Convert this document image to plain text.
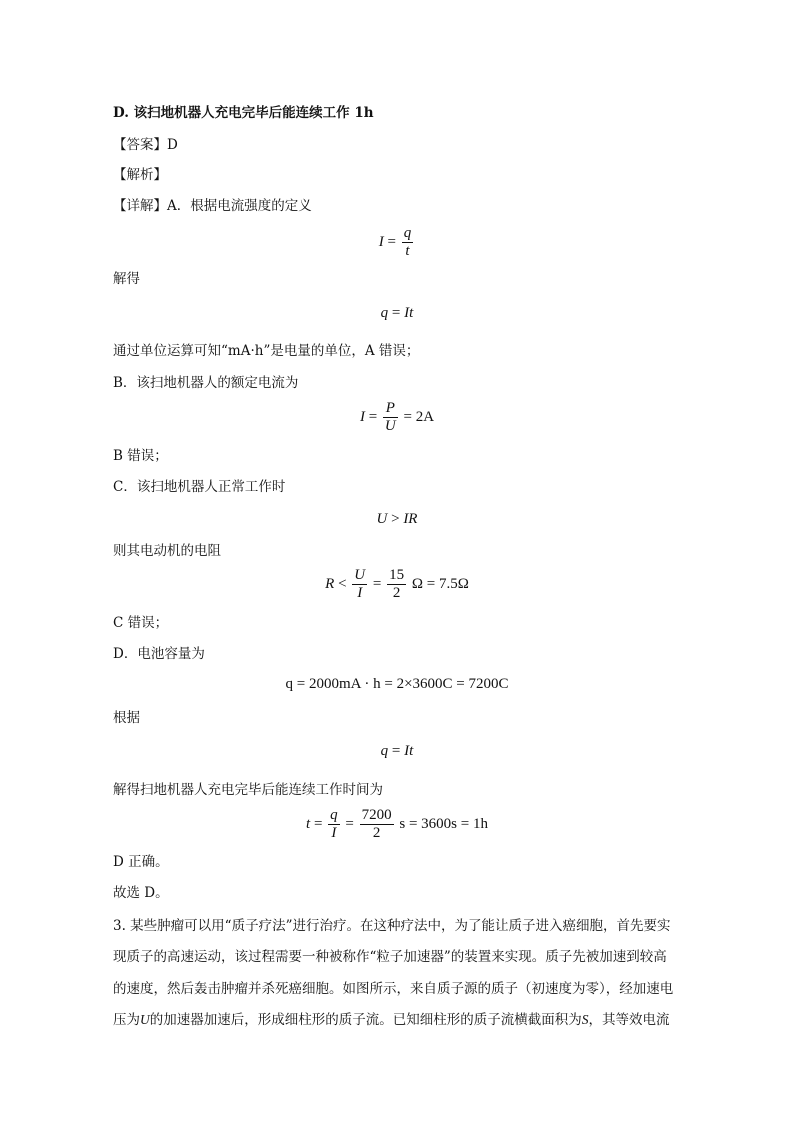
D. 该扫地机器人充电完毕后能连续工作 1h
【答案】D
【解析】
【详解】A．根据电流强度的定义
$I = \frac{q}{t}$
解得
q = It
通过单位运算可知“mA·h”是电量的单位，A 错误；
B．该扫地机器人的额定电流为
$I = \frac{P}{U} = 2A$
B 错误；
C．该扫地机器人正常工作时
U > IR
则其电动机的电阻
$R < \frac{U}{I} = \frac{15}{2}$ Ω = 7.5Ω
C 错误；
D．电池容量为
q = 2000mA · h = 2×3600C = 7200C
根据
q = It
解得扫地机器人充电完毕后能连续工作时间为
$t = \frac{q}{I} = \frac{7200}{2}$ s = 3600s = 1h
D 正确。
故选 D。
3. 某些肿瘤可以用“质子疗法”进行治疗。在这种疗法中，为了能让质子进入癌细胞，首先要实
现质子的高速运动，该过程需要一种被称作“粒子加速器”的装置来实现。质子先被加速到较高
的速度，然后轰击肿瘤并杀死癌细胞。如图所示，来自质子源的质子（初速度为零），经加速电
压为U的加速器加速后，形成细柱形的质子流。已知细柱形的质子流横截面积为S，其等效电流
